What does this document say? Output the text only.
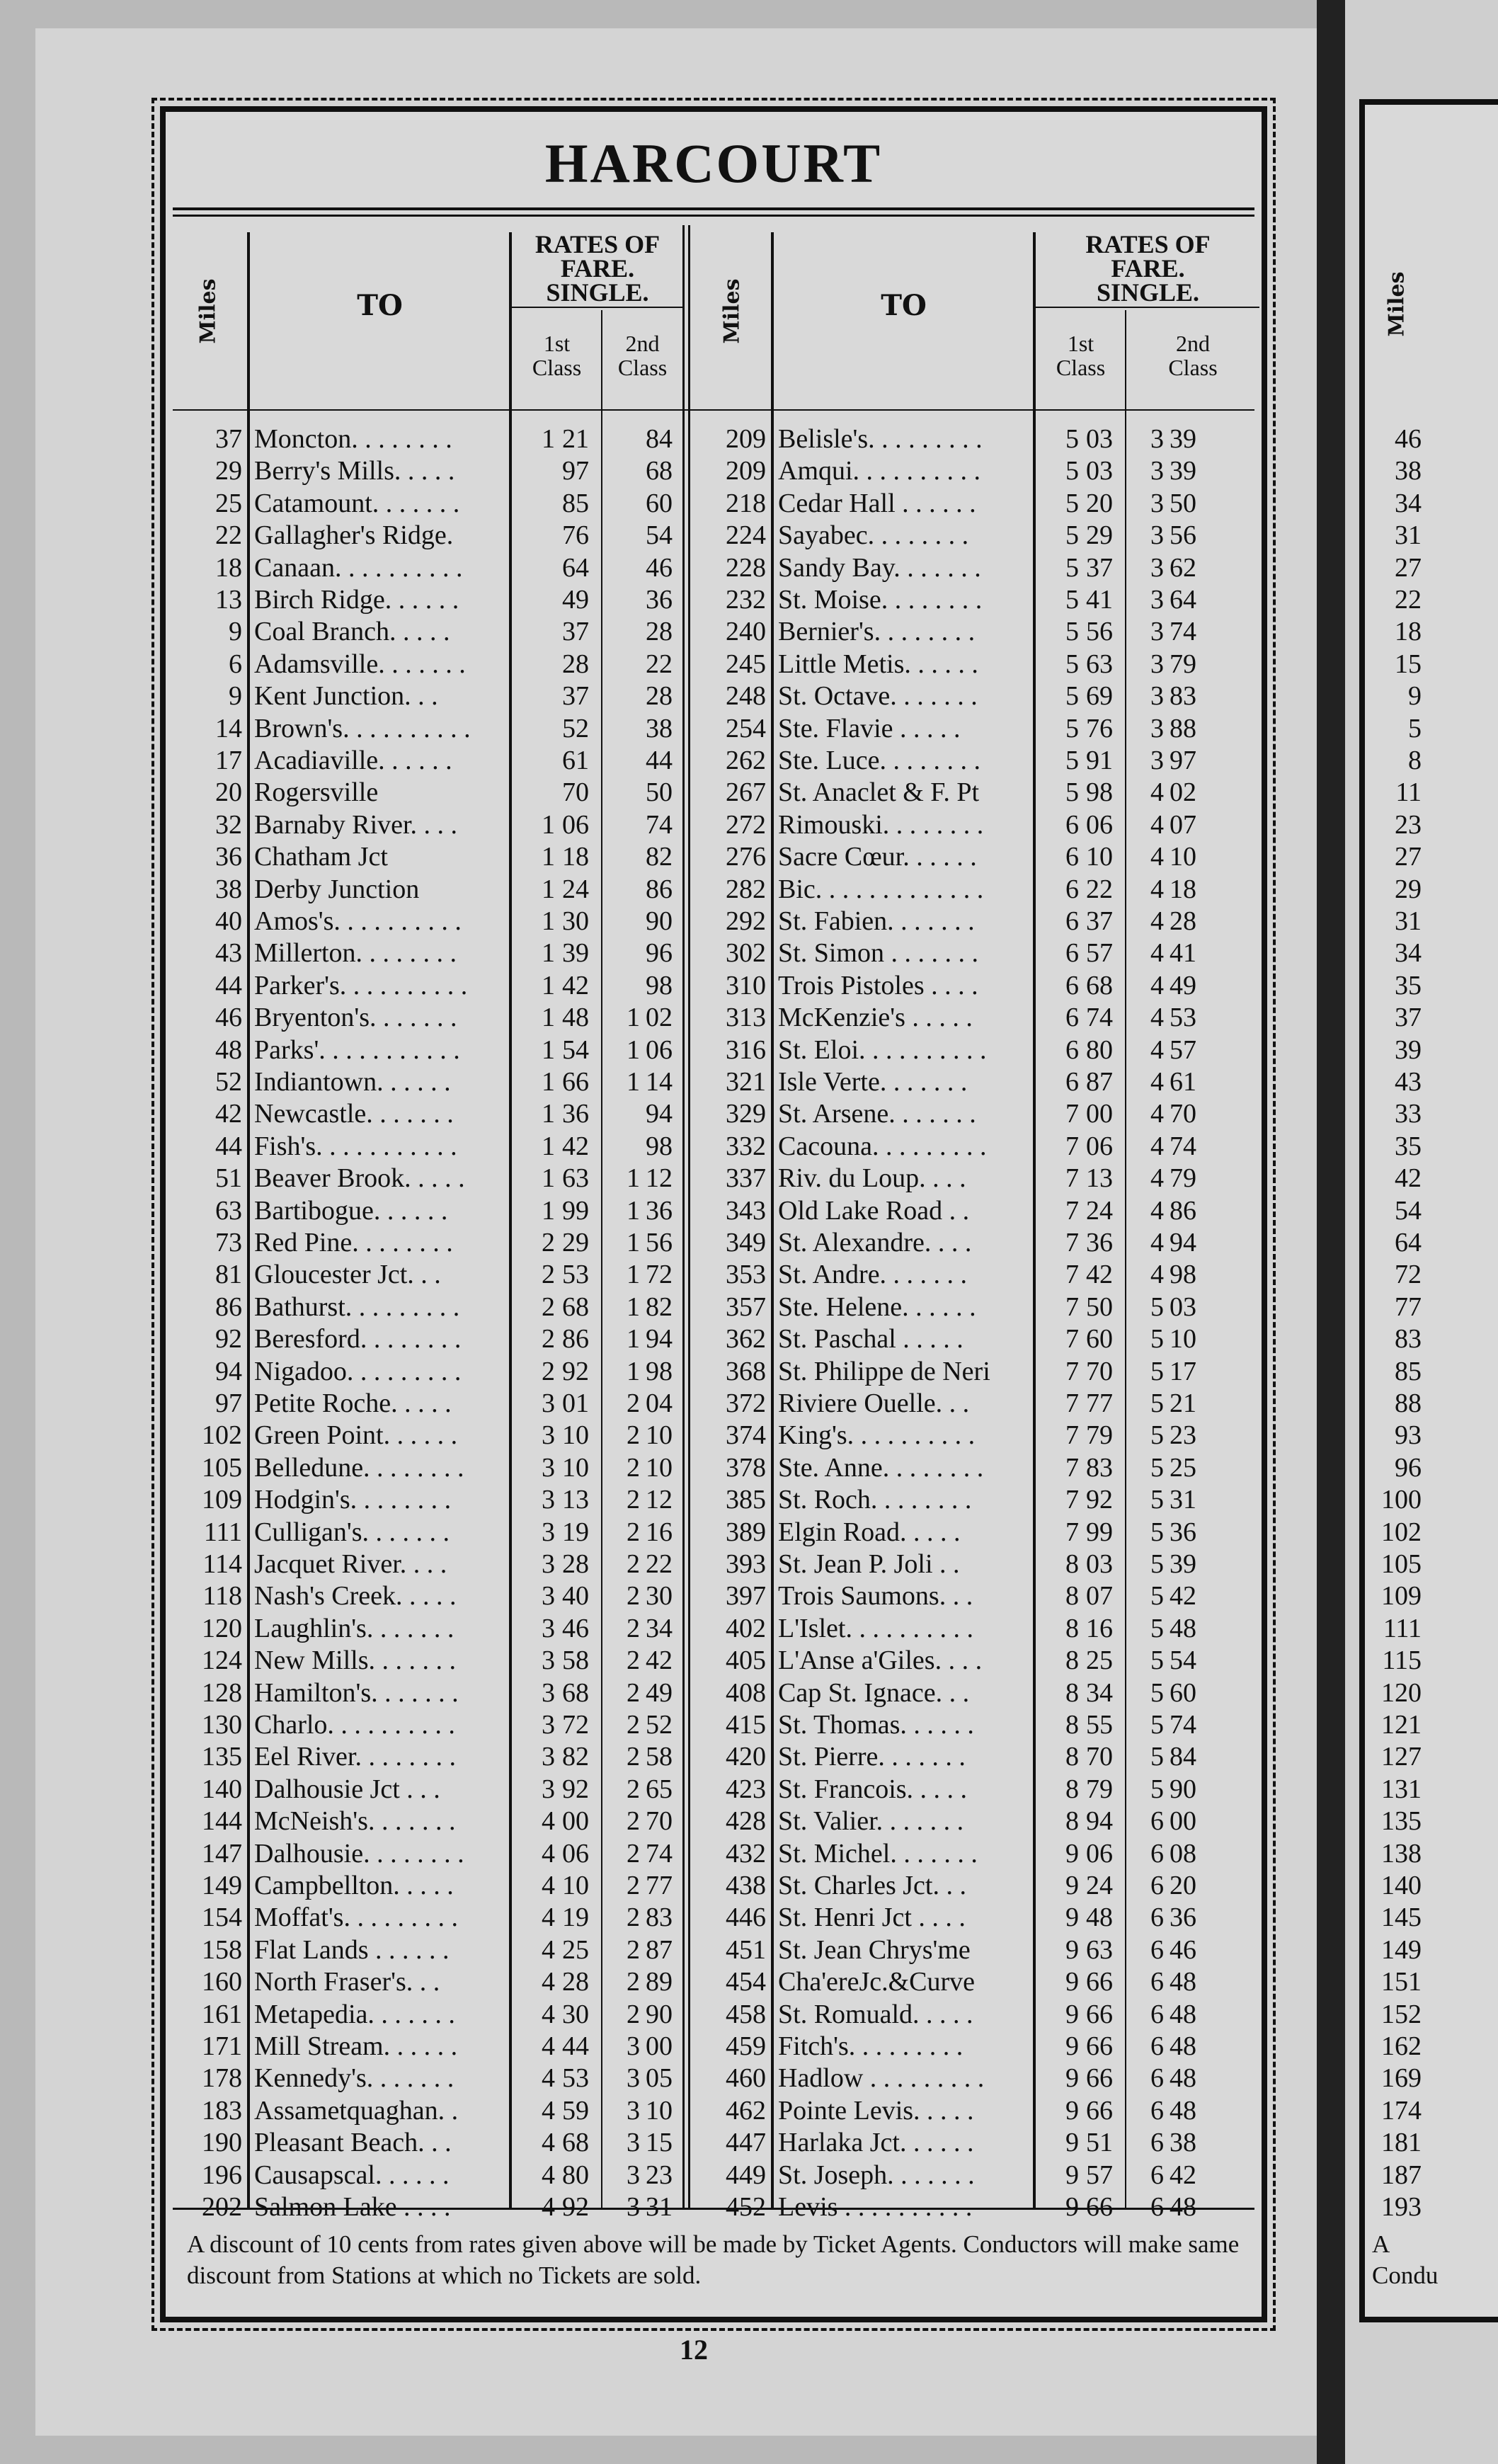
HARCOURT
Miles	TO
RATES OF
FARE.
SINGLE.
1st
Class
2nd
Class
Miles	TO
RATES OF
FARE.
SINGLE.
1st
Class
2nd
Class
37 Moncton. . . . . . . .	1 21	84
29 Berry's Mills. . . . .	97	68
25 Catamount. . . . . . .	85	60
22 Gallagher's Ridge.	76	54
18 Canaan. . . . . . . . . .	64	46
13 Birch Ridge. . . . . .	49	36
9 Coal Branch. . . . .	37	28
6 Adamsville. . . . . . .	28	22
9 Kent Junction. . .	37	28
14 Brown's. . . . . . . . . .	52	38
17 Acadiaville. . . . . .	61	44
20 Rogersville	70	50
32 Barnaby River. . . .	1 06	74
36 Chatham Jct	1 18	82
38 Derby Junction	1 24	86
40 Amos's. . . . . . . . . .	1 30	90
43 Millerton. . . . . . . .	1 39	96
44 Parker's. . . . . . . . . .	1 42	98
46 Bryenton's. . . . . . .	1 48	1 02
48 Parks'. . . . . . . . . . .	1 54	1 06
52 Indiantown. . . . . .	1 66	1 14
42 Newcastle. . . . . . .	1 36	94
44 Fish's. . . . . . . . . . .	1 42	98
51 Beaver Brook. . . . .	1 63	1 12
63 Bartibogue. . . . . .	1 99	1 36
73 Red Pine. . . . . . . .	2 29	1 56
81 Gloucester Jct. . .	2 53	1 72
86 Bathurst. . . . . . . . .	2 68	1 82
92 Beresford. . . . . . . .	2 86	1 94
94 Nigadoo. . . . . . . . .	2 92	1 98
97 Petite Roche. . . . .	3 01	2 04
102 Green Point. . . . . .	3 10	2 10
105 Belledune. . . . . . . .	3 10	2 10
109 Hodgin's. . . . . . . .	3 13	2 12
111 Culligan's. . . . . . .	3 19	2 16
114 Jacquet River. . . .	3 28	2 22
118 Nash's Creek. . . . .	3 40	2 30
120 Laughlin's. . . . . . .	3 46	2 34
124 New Mills. . . . . . .	3 58	2 42
128 Hamilton's. . . . . . .	3 68	2 49
130 Charlo. . . . . . . . . .	3 72	2 52
135 Eel River. . . . . . . .	3 82	2 58
140 Dalhousie Jct . . .	3 92	2 65
144 McNeish's. . . . . . .	4 00	2 70
147 Dalhousie. . . . . . . .	4 06	2 74
149 Campbellton. . . . .	4 10	2 77
154 Moffat's. . . . . . . . .	4 19	2 83
158 Flat Lands . . . . . .	4 25	2 87
160 North Fraser's. . .	4 28	2 89
161 Metapedia. . . . . . .	4 30	2 90
171 Mill Stream. . . . . .	4 44	3 00
178 Kennedy's. . . . . . .	4 53	3 05
183 Assametquaghan. .	4 59	3 10
190 Pleasant Beach. . .	4 68	3 15
196 Causapscal. . . . . .	4 80	3 23
202 Salmon Lake . . . .	4 92	3 31
209 Belisle's. . . . . . . . .	5 03	3 39
209 Amqui. . . . . . . . . .	5 03	3 39
218 Cedar Hall . . . . . .	5 20	3 50
224 Sayabec. . . . . . . .	5 29	3 56
228 Sandy Bay. . . . . . .	5 37	3 62
232 St. Moise. . . . . . . .	5 41	3 64
240 Bernier's. . . . . . . .	5 56	3 74
245 Little Metis. . . . . .	5 63	3 79
248 St. Octave. . . . . . .	5 69	3 83
254 Ste. Flavie . . . . .	5 76	3 88
262 Ste. Luce. . . . . . . .	5 91	3 97
267 St. Anaclet & F. Pt	5 98	4 02
272 Rimouski. . . . . . . .	6 06	4 07
276 Sacre Cœur. . . . . .	6 10	4 10
282 Bic. . . . . . . . . . . . .	6 22	4 18
292 St. Fabien. . . . . . .	6 37	4 28
302 St. Simon . . . . . . .	6 57	4 41
310 Trois Pistoles . . . .	6 68	4 49
313 McKenzie's . . . . .	6 74	4 53
316 St. Eloi. . . . . . . . . .	6 80	4 57
321 Isle Verte. . . . . . .	6 87	4 61
329 St. Arsene. . . . . . .	7 00	4 70
332 Cacouna. . . . . . . . .	7 06	4 74
337 Riv. du Loup. . . .	7 13	4 79
343 Old Lake Road . .	7 24	4 86
349 St. Alexandre. . . .	7 36	4 94
353 St. Andre. . . . . . .	7 42	4 98
357 Ste. Helene. . . . . .	7 50	5 03
362 St. Paschal . . . . .	7 60	5 10
368 St. Philippe de Neri	7 70	5 17
372 Riviere Ouelle. . .	7 77	5 21
374 King's. . . . . . . . . .	7 79	5 23
378 Ste. Anne. . . . . . . .	7 83	5 25
385 St. Roch. . . . . . . .	7 92	5 31
389 Elgin Road. . . . .	7 99	5 36
393 St. Jean P. Joli . .	8 03	5 39
397 Trois Saumons. . .	8 07	5 42
402 L'Islet. . . . . . . . . .	8 16	5 48
405 L'Anse a'Giles. . . .	8 25	5 54
408 Cap St. Ignace. . .	8 34	5 60
415 St. Thomas. . . . . .	8 55	5 74
420 St. Pierre. . . . . . .	8 70	5 84
423 St. Francois. . . . .	8 79	5 90
428 St. Valier. . . . . . .	8 94	6 00
432 St. Michel. . . . . . .	9 06	6 08
438 St. Charles Jct. . .	9 24	6 20
446 St. Henri Jct . . . .	9 48	6 36
451 St. Jean Chrys'me	9 63	6 46
454 Cha'ereJc.&Curve	9 66	6 48
458 St. Romuald. . . . .	9 66	6 48
459 Fitch's. . . . . . . . .	9 66	6 48
460 Hadlow . . . . . . . . .	9 66	6 48
462 Pointe Levis. . . . .	9 66	6 48
447 Harlaka Jct. . . . . .	9 51	6 38
449 St. Joseph. . . . . . .	9 57	6 42
452 Levis . . . . . . . . . .	9 66	6 48
A discount of 10 cents from rates given above will be made by Ticket Agents. Conductors will make same discount from Stations at which no Tickets are sold.
12
Miles
46
38
34
31
27
22
18
15
9
5
8
11
23
27
29
31
34
35
37
39
43
33
35
42
54
64
72
77
83
85
88
93
96
100
102
105
109
111
115
120
121
127
131
135
138
140
145
149
151
152
162
169
174
181
187
193
A
Condu
